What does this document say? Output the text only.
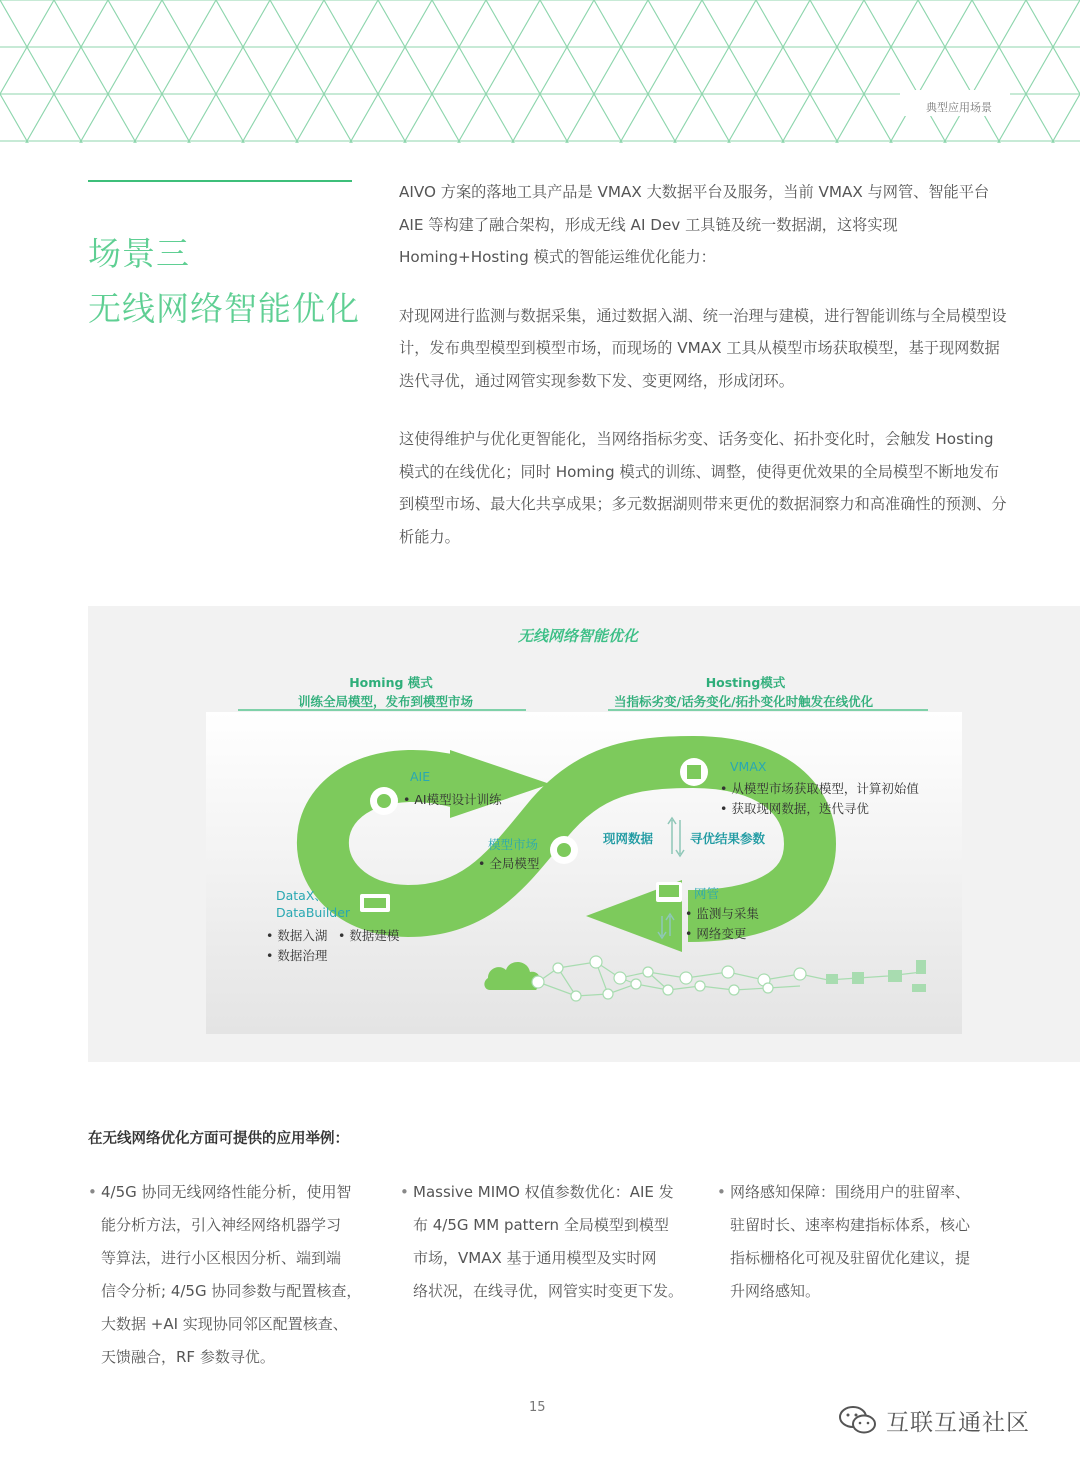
典型应用场景
场景三
无线网络智能优化

AIVO 方案的落地工具产品是 VMAX 大数据平台及服务，当前 VMAX 与网管、智能平台 AIE 等构建了融合架构，形成无线 AI Dev 工具链及统一数据湖，这将实现 Homing+Hosting 模式的智能运维优化能力：

对现网进行监测与数据采集，通过数据入湖、统一治理与建模，进行智能训练与全局模型设计，发布典型模型到模型市场，而现场的 VMAX 工具从模型市场获取模型，基于现网数据迭代寻优，通过网管实现参数下发、变更网络，形成闭环。

这使得维护与优化更智能化，当网络指标劣变、话务变化、拓扑变化时，会触发 Hosting 模式的在线优化；同时 Homing 模式的训练、调整，使得更优效果的全局模型不断地发布到模型市场、最大化共享成果；多元数据湖则带来更优的数据洞察力和高准确性的预测、分析能力。

无线网络智能优化
Homing 模式
训练全局模型，发布到模型市场
Hosting模式
当指标劣变/话务变化/拓扑变化时触发在线优化
AIE
• AI模型设计训练
模型市场
• 全局模型
DataX、
DataBuilder
• 数据入湖 • 数据建模
• 数据治理
VMAX
• 从模型市场获取模型，计算初始值
• 获取现网数据，迭代寻优
现网数据	寻优结果参数
网管
• 监测与采集
• 网络变更
在无线网络优化方面可提供的应用举例：
• 4/5G 协同无线网络性能分析，使用智
能分析方法，引入神经网络机器学习
等算法，进行小区根因分析、端到端
信令分析; 4/5G 协同参数与配置核查，
大数据 +AI 实现协同邻区配置核查、
天馈融合，RF 参数寻优。
• Massive MIMO 权值参数优化：AIE 发
布 4/5G MM pattern 全局模型到模型
市场，VMAX 基于通用模型及实时网
络状况，在线寻优，网管实时变更下发。
• 网络感知保障：围绕用户的驻留率、
驻留时长、速率构建指标体系，核心
指标栅格化可视及驻留优化建议，提
升网络感知。
15
互联互通社区
